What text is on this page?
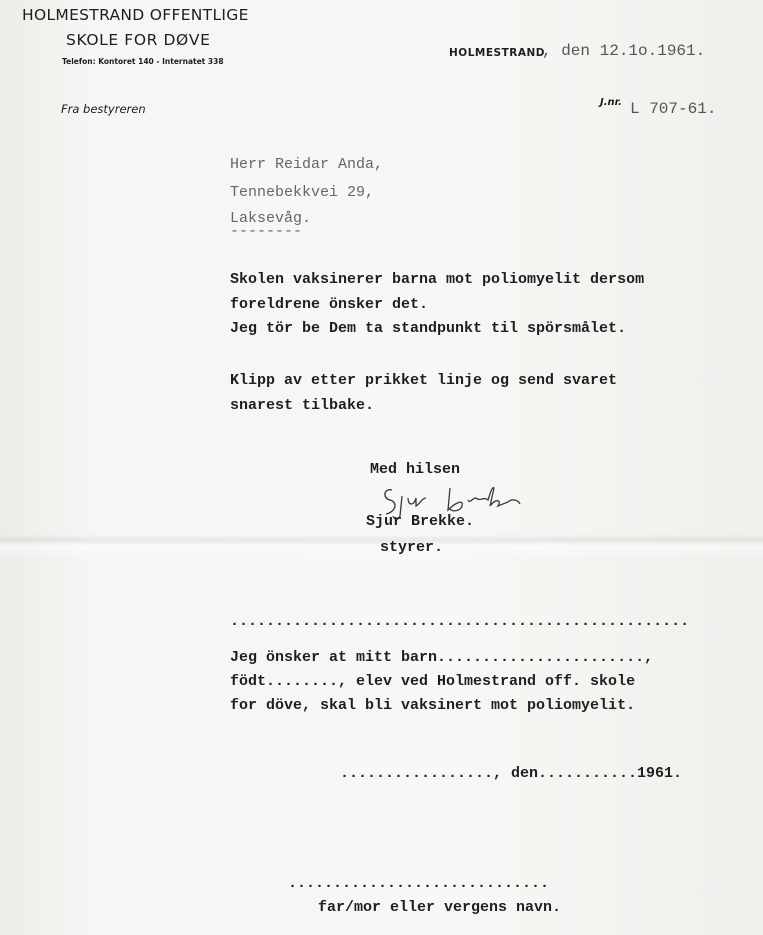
HOLMESTRAND OFFENTLIGE
SKOLE FOR DØVE
Telefon: Kontoret 140 - Internatet 338
Fra bestyreren
HOLMESTRAND
, den 12.1o.1961.
J.nr. L 707-61.
Herr Reidar Anda,
Tennebekkvei 29,
Laksevåg.
--------
Skolen vaksinerer barna mot poliomyelit dersom
foreldrene önsker det.
Jeg tör be Dem ta standpunkt til spörsmålet.
Klipp av etter prikket linje og send svaret
snarest tilbake.
Med hilsen
Sjur Brekke.
styrer.
...................................................
Jeg önsker at mitt barn.......................,
födt........, elev ved Holmestrand off. skole
for döve, skal bli vaksinert mot poliomyelit.
................., den...........1961.
.............................
far/mor eller vergens navn.
